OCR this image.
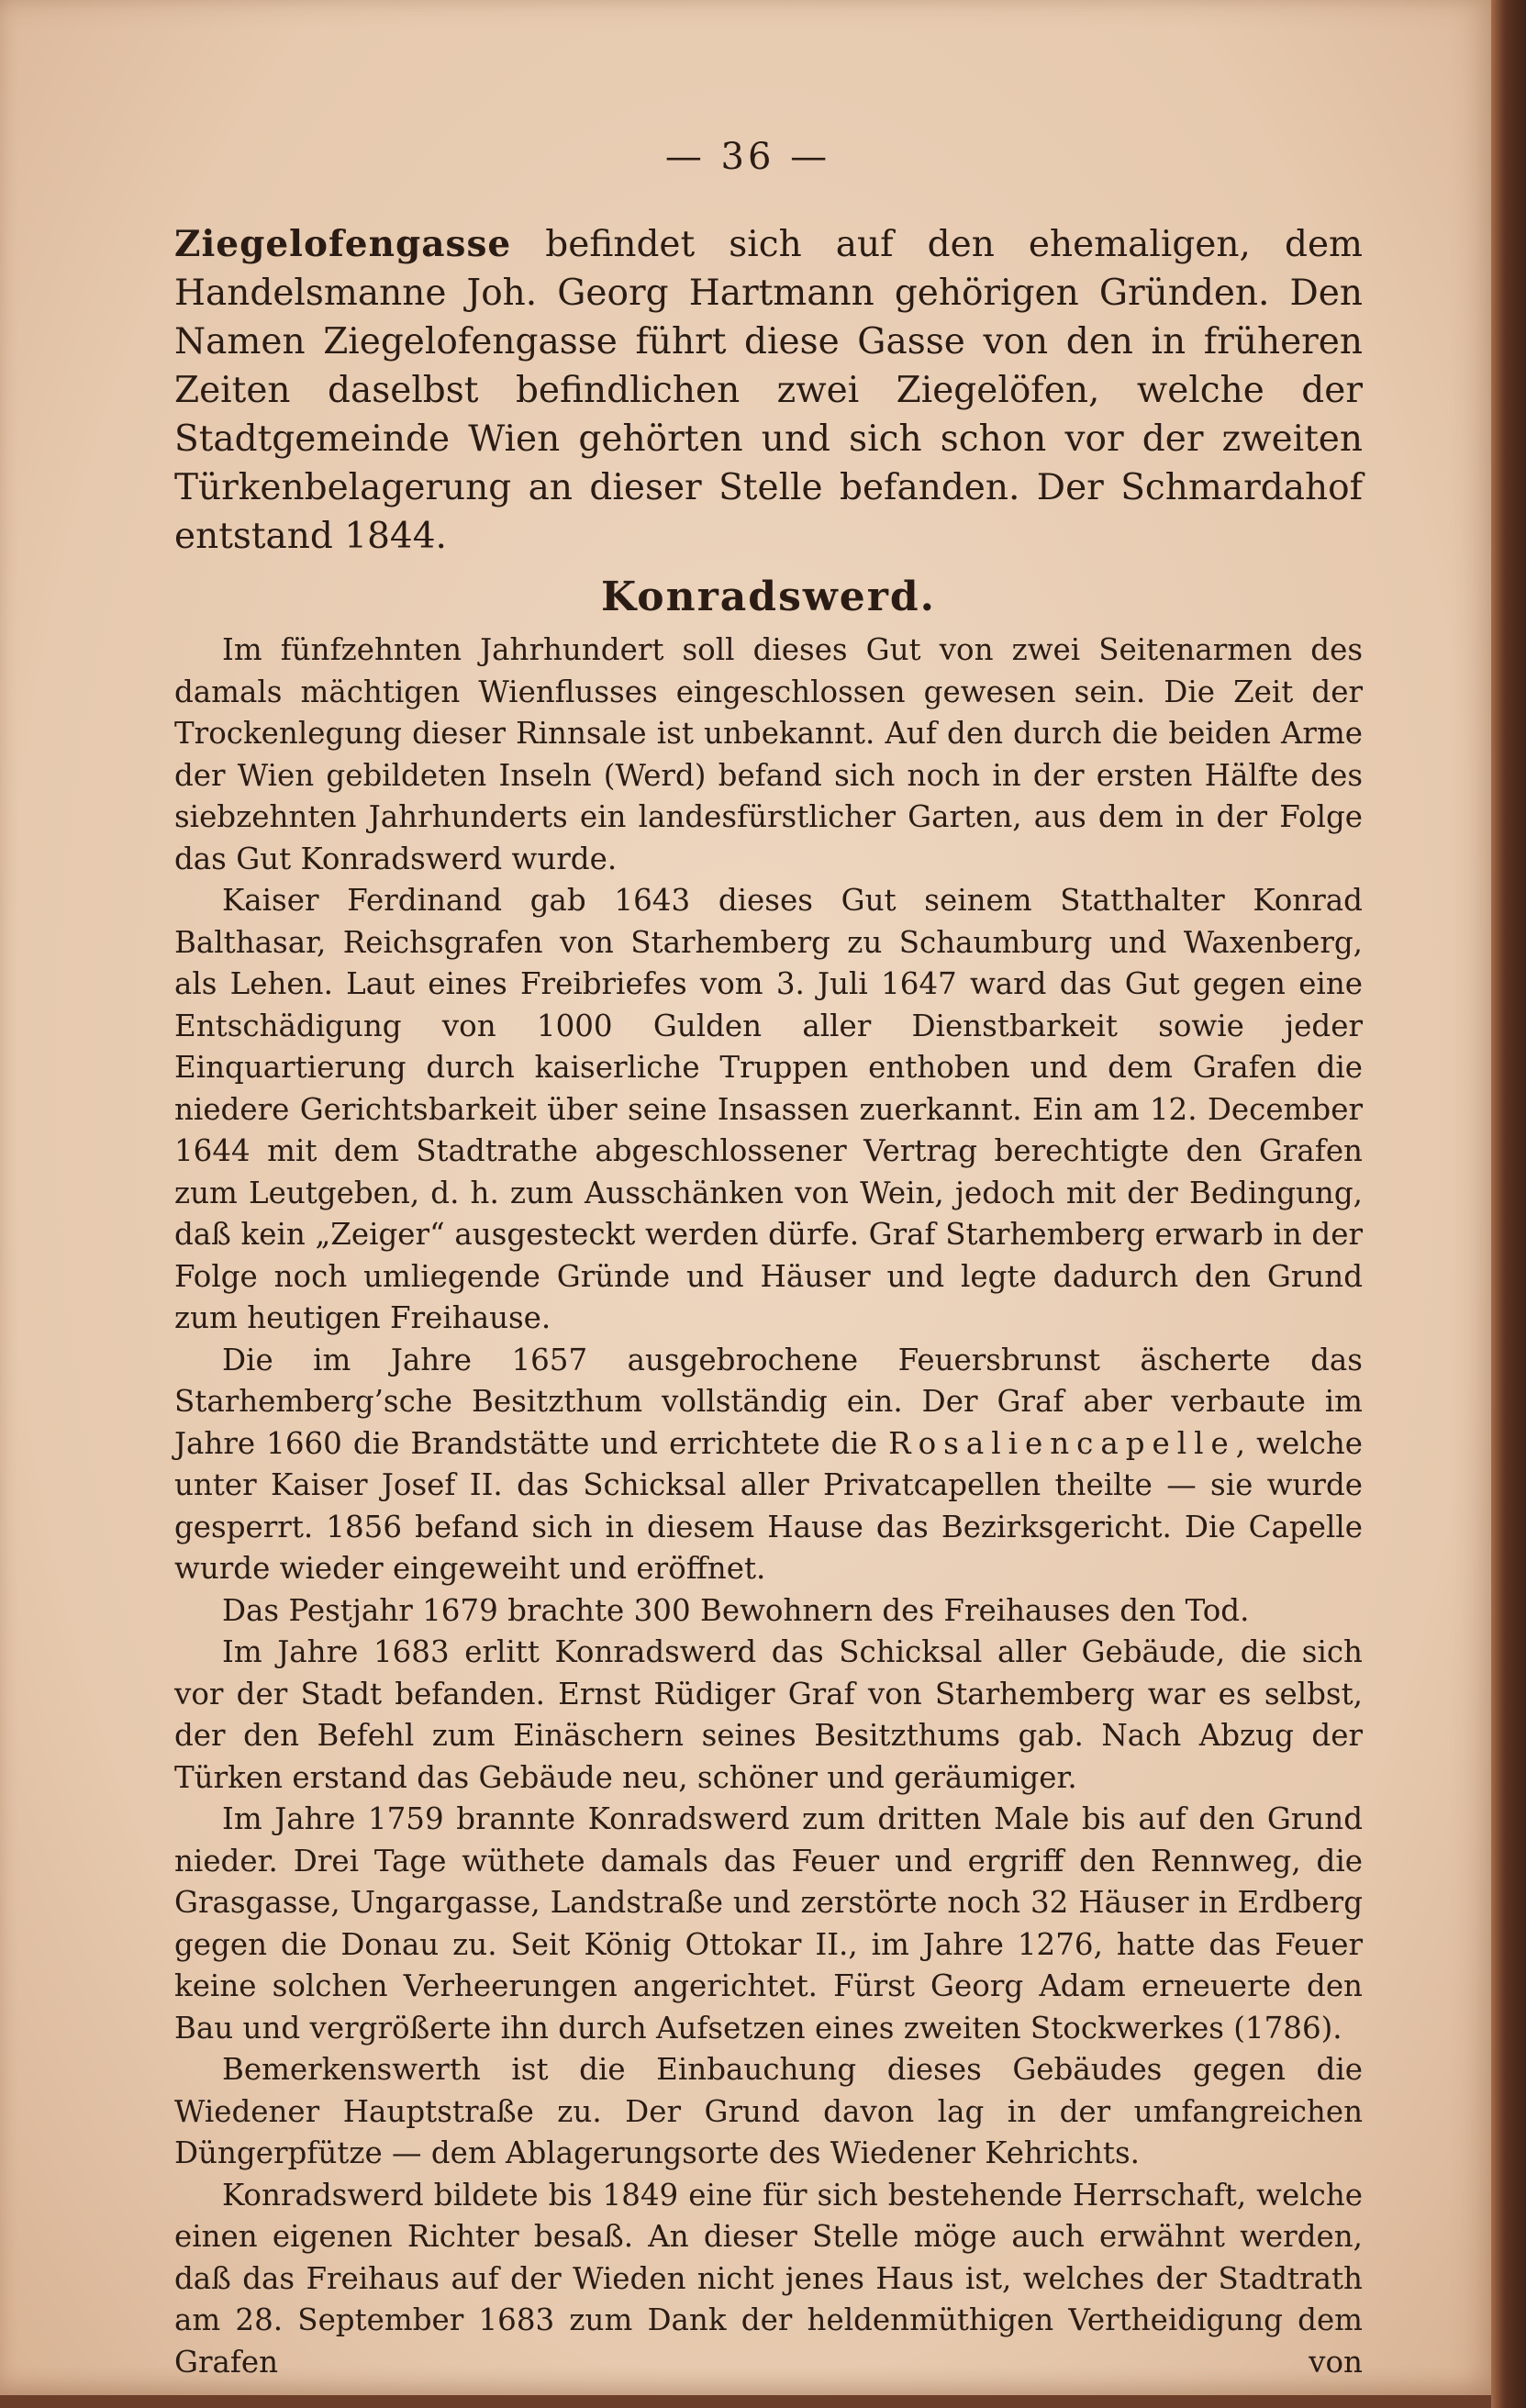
— 36 —

Ziegelofengasse befindet sich auf den ehemaligen, dem Handelsmanne Joh. Georg Hartmann gehörigen Gründen. Den Namen Ziegelofengasse führt diese Gasse von den in früheren Zeiten daselbst befindlichen zwei Ziegelöfen, welche der Stadtgemeinde Wien gehörten und sich schon vor der zweiten Türkenbelagerung an dieser Stelle befanden. Der Schmardahof entstand 1844.

Konradswerd.

Im fünfzehnten Jahrhundert soll dieses Gut von zwei Seitenarmen des damals mächtigen Wienflusses eingeschlossen gewesen sein. Die Zeit der Trockenlegung dieser Rinnsale ist unbekannt. Auf den durch die beiden Arme der Wien gebildeten Inseln (Werd) befand sich noch in der ersten Hälfte des siebzehnten Jahrhunderts ein landesfürstlicher Garten, aus dem in der Folge das Gut Konradswerd wurde.

Kaiser Ferdinand gab 1643 dieses Gut seinem Statthalter Konrad Balthasar, Reichsgrafen von Starhemberg zu Schaumburg und Waxenberg, als Lehen. Laut eines Freibriefes vom 3. Juli 1647 ward das Gut gegen eine Entschädigung von 1000 Gulden aller Dienstbarkeit sowie jeder Einquartierung durch kaiserliche Truppen enthoben und dem Grafen die niedere Gerichtsbarkeit über seine Insassen zuerkannt. Ein am 12. December 1644 mit dem Stadtrathe abgeschlossener Vertrag berechtigte den Grafen zum Leutgeben, d. h. zum Ausschänken von Wein, jedoch mit der Bedingung, daß kein „Zeiger“ ausgesteckt werden dürfe. Graf Starhemberg erwarb in der Folge noch umliegende Gründe und Häuser und legte dadurch den Grund zum heutigen Freihause.

Die im Jahre 1657 ausgebrochene Feuersbrunst äscherte das Starhemberg’sche Besitzthum vollständig ein. Der Graf aber verbaute im Jahre 1660 die Brandstätte und errichtete die Rosaliencapelle, welche unter Kaiser Josef II. das Schicksal aller Privatcapellen theilte — sie wurde gesperrt. 1856 befand sich in diesem Hause das Bezirksgericht. Die Capelle wurde wieder eingeweiht und eröffnet.

Das Pestjahr 1679 brachte 300 Bewohnern des Freihauses den Tod.

Im Jahre 1683 erlitt Konradswerd das Schicksal aller Gebäude, die sich vor der Stadt befanden. Ernst Rüdiger Graf von Starhemberg war es selbst, der den Befehl zum Einäschern seines Besitzthums gab. Nach Abzug der Türken erstand das Gebäude neu, schöner und geräumiger.

Im Jahre 1759 brannte Konradswerd zum dritten Male bis auf den Grund nieder. Drei Tage wüthete damals das Feuer und ergriff den Rennweg, die Grasgasse, Ungargasse, Landstraße und zerstörte noch 32 Häuser in Erdberg gegen die Donau zu. Seit König Ottokar II., im Jahre 1276, hatte das Feuer keine solchen Verheerungen angerichtet. Fürst Georg Adam erneuerte den Bau und vergrößerte ihn durch Aufsetzen eines zweiten Stockwerkes (1786).

Bemerkenswerth ist die Einbauchung dieses Gebäudes gegen die Wiedener Hauptstraße zu. Der Grund davon lag in der umfangreichen Düngerpfütze — dem Ablagerungsorte des Wiedener Kehrichts.

Konradswerd bildete bis 1849 eine für sich bestehende Herrschaft, welche einen eigenen Richter besaß. An dieser Stelle möge auch erwähnt werden, daß das Freihaus auf der Wieden nicht jenes Haus ist, welches der Stadtrath am 28. September 1683 zum Dank der heldenmüthigen Vertheidigung dem Grafen von
